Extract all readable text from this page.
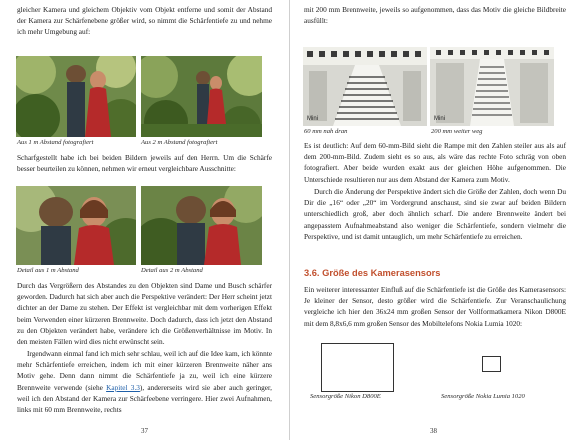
gleicher Kamera und gleichem Objektiv vom Objekt entferne und somit der Abstand der Kamera zur Schärfenebene größer wird, so nimmt die Schärfentiefe zu und nehme ich mehr Umgebung auf:

Aus 1 m Abstand fotografiert	Aus 2 m Abstand fotografiert

Scharfgestellt habe ich bei beiden Bildern jeweils auf den Herrn. Um die Schärfe besser beurteilen zu können, nehmen wir erneut vergleichbare Ausschnitte:

Detail aus 1 m Abstand	Detail aus 2 m Abstand

Durch das Vergrößern des Abstandes zu den Objekten sind Dame und Busch schärfer geworden. Dadurch hat sich aber auch die Perspektive verändert: Der Herr scheint jetzt dichter an der Dame zu stehen. Der Effekt ist vergleichbar mit dem vorherigen Effekt beim Verwenden einer kürzeren Brennweite. Doch dadurch, dass ich jetzt den Abstand zu den Objekten verändert habe, verändere ich die Größenverhältnisse im Motiv. In den meisten Fällen wird dies nicht erwünscht sein.

Irgendwann einmal fand ich mich sehr schlau, weil ich auf die Idee kam, ich könnte mehr Schärfentiefe erreichen, indem ich mit einer kürzeren Brennweite näher ans Motiv gehe. Denn dann nimmt die Schärfentiefe ja zu, weil ich eine kürzere Brennweite verwende (siehe Kapitel 3.3), andererseits wird sie aber auch geringer, weil ich den Abstand der Kamera zur Schärfeebene verringere. Hier zwei Aufnahmen, links mit 60 mm Brennweite, rechts

37

mit 200 mm Brennweite, jeweils so aufgenommen, dass das Motiv die gleiche Bildbreite ausfüllt:

Mini	Mini
60 mm nah dran	200 mm weiter weg

Es ist deutlich: Auf dem 60-mm-Bild sieht die Rampe mit den Zahlen steiler aus als auf dem 200-mm-Bild. Zudem sieht es so aus, als wäre das rechte Foto schräg von oben fotografiert. Aber beide wurden exakt aus der gleichen Höhe aufgenommen. Die Unterschiede resultieren nur aus dem Abstand der Kamera zum Motiv.

Durch die Änderung der Perspektive ändert sich die Größe der Zahlen, doch wenn Du Dir die „16“ oder „20“ im Vordergrund anschaust, sind sie zwar auf beiden Bildern unterschiedlich groß, aber doch ähnlich scharf. Die andere Brennweite ändert bei angepasstem Aufnahmeabstand also weniger die Schärfentiefe, sondern vielmehr die Perspektive, und ist damit untauglich, um mehr Schärfentiefe zu erreichen.

3.6. Größe des Kamerasensors

Ein weiterer interessanter Einfluß auf die Schärfentiefe ist die Größe des Kamerasensors: Je kleiner der Sensor, desto größer wird die Schärfentiefe. Zur Veranschaulichung vergleiche ich hier den 36x24 mm großen Sensor der Vollformatkamera Nikon D800E mit dem 8,8x6,6 mm großen Sensor des Mobiltelefons Nokia Lumia 1020:

Sensorgröße Nikon D800E	Sensorgröße Nokia Lumia 1020
38
